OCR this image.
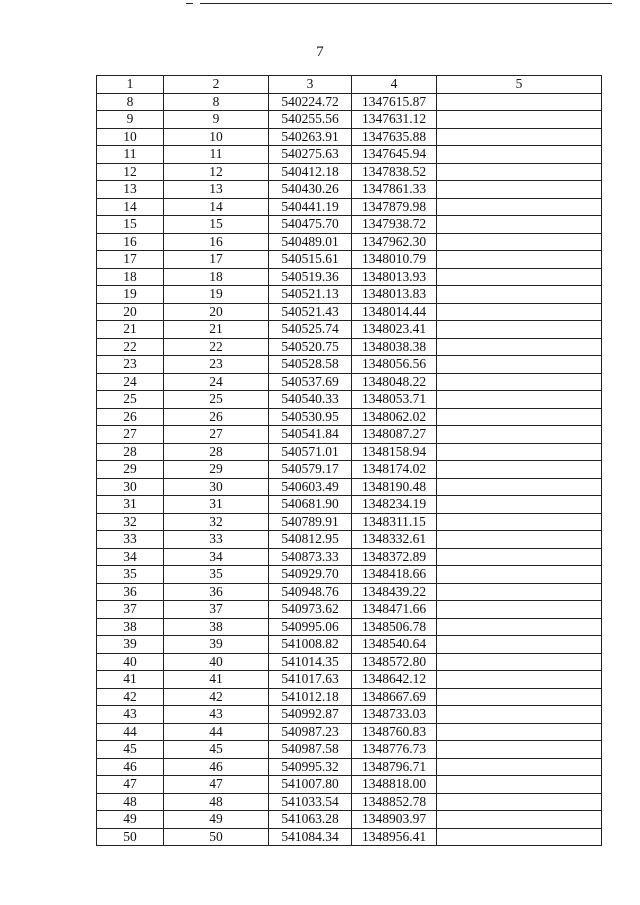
7
1	2	3	4	5
8	8	540224.72	1347615.87	
9	9	540255.56	1347631.12	
10	10	540263.91	1347635.88	
11	11	540275.63	1347645.94	
12	12	540412.18	1347838.52	
13	13	540430.26	1347861.33	
14	14	540441.19	1347879.98	
15	15	540475.70	1347938.72	
16	16	540489.01	1347962.30	
17	17	540515.61	1348010.79	
18	18	540519.36	1348013.93	
19	19	540521.13	1348013.83	
20	20	540521.43	1348014.44	
21	21	540525.74	1348023.41	
22	22	540520.75	1348038.38	
23	23	540528.58	1348056.56	
24	24	540537.69	1348048.22	
25	25	540540.33	1348053.71	
26	26	540530.95	1348062.02	
27	27	540541.84	1348087.27	
28	28	540571.01	1348158.94	
29	29	540579.17	1348174.02	
30	30	540603.49	1348190.48	
31	31	540681.90	1348234.19	
32	32	540789.91	1348311.15	
33	33	540812.95	1348332.61	
34	34	540873.33	1348372.89	
35	35	540929.70	1348418.66	
36	36	540948.76	1348439.22	
37	37	540973.62	1348471.66	
38	38	540995.06	1348506.78	
39	39	541008.82	1348540.64	
40	40	541014.35	1348572.80	
41	41	541017.63	1348642.12	
42	42	541012.18	1348667.69	
43	43	540992.87	1348733.03	
44	44	540987.23	1348760.83	
45	45	540987.58	1348776.73	
46	46	540995.32	1348796.71	
47	47	541007.80	1348818.00	
48	48	541033.54	1348852.78	
49	49	541063.28	1348903.97	
50	50	541084.34	1348956.41	
